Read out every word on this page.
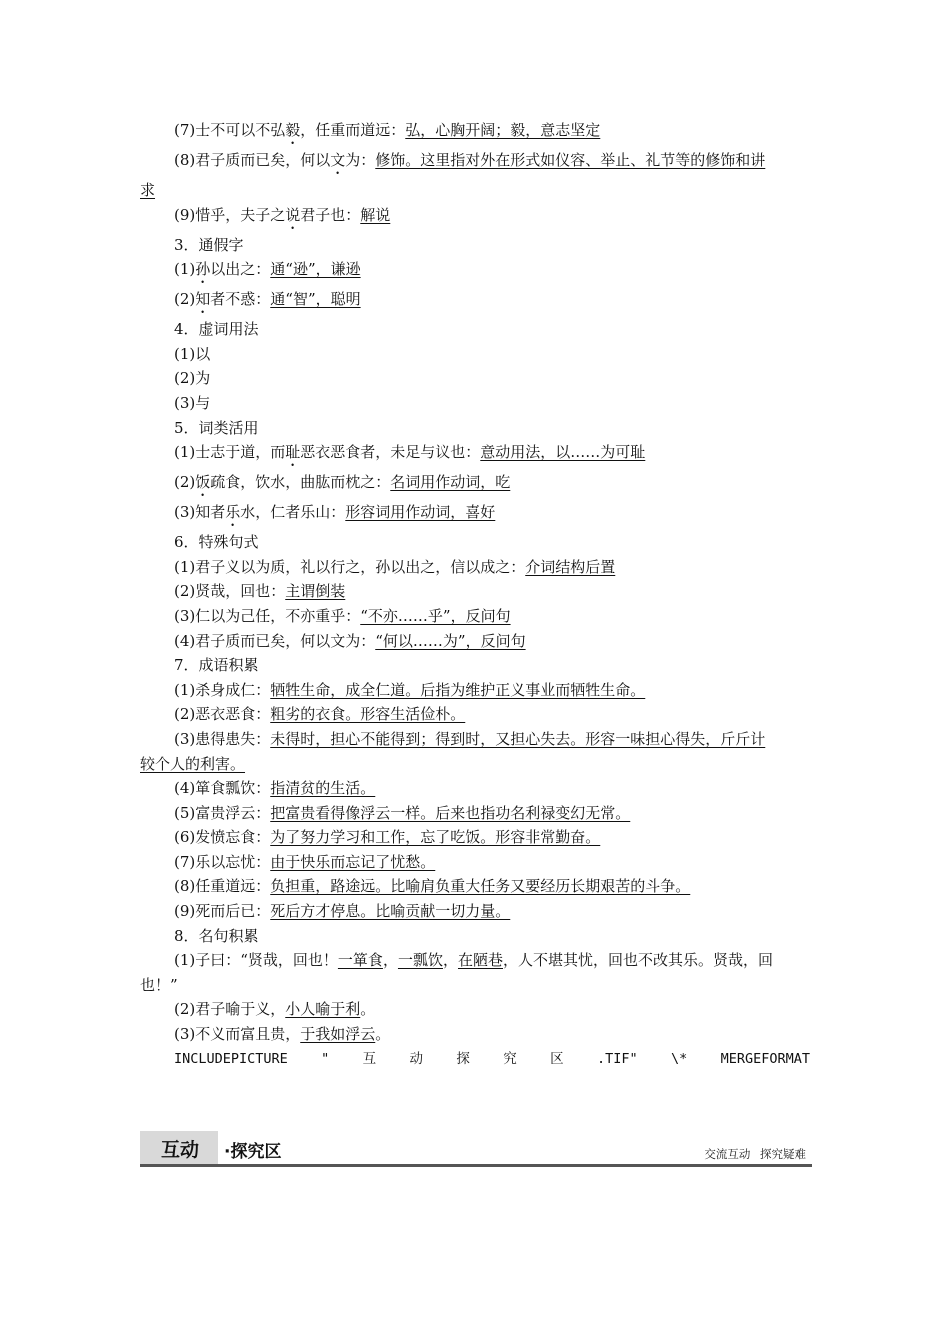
(7)士不可以不弘毅，任重而道远：弘，心胸开阔；毅，意志坚定
(8)君子质而已矣，何以文为：修饰。这里指对外在形式如仪容、举止、礼节等的修饰和讲
求
(9)惜乎，夫子之说君子也：解说
3．通假字
(1)孙以出之：通“逊”，谦逊
(2)知者不惑：通“智”，聪明
4．虚词用法
(1)以
(2)为
(3)与
5．词类活用
(1)士志于道，而耻恶衣恶食者，未足与议也：意动用法，以……为可耻
(2)饭疏食，饮水，曲肱而枕之：名词用作动词，吃
(3)知者乐水，仁者乐山：形容词用作动词，喜好
6．特殊句式
(1)君子义以为质，礼以行之，孙以出之，信以成之：介词结构后置
(2)贤哉，回也：主谓倒装
(3)仁以为己任，不亦重乎：“不亦……乎”，反问句
(4)君子质而已矣，何以文为：“何以……为”，反问句
7．成语积累
(1)杀身成仁：牺牲生命，成全仁道。后指为维护正义事业而牺牲生命。
(2)恶衣恶食：粗劣的衣食。形容生活俭朴。
(3)患得患失：未得时，担心不能得到；得到时，又担心失去。形容一味担心得失，斤斤计
较个人的利害。
(4)箪食瓢饮：指清贫的生活。
(5)富贵浮云：把富贵看得像浮云一样。后来也指功名利禄变幻无常。
(6)发愤忘食：为了努力学习和工作，忘了吃饭。形容非常勤奋。
(7)乐以忘忧：由于快乐而忘记了忧愁。
(8)任重道远：负担重，路途远。比喻肩负重大任务又要经历长期艰苦的斗争。
(9)死而后已：死后方才停息。比喻贡献一切力量。
8．名句积累
(1)子曰：“贤哉，回也！一箪食，一瓢饮，在陋巷，人不堪其忧，回也不改其乐。贤哉，回
也！”
(2)君子喻于义，小人喻于利。
(3)不义而富且贵，于我如浮云。
INCLUDEPICTURE " 互 动 探 究 区 .TIF" \* MERGEFORMAT
互动 ·探究区	交流互动 探究疑难
